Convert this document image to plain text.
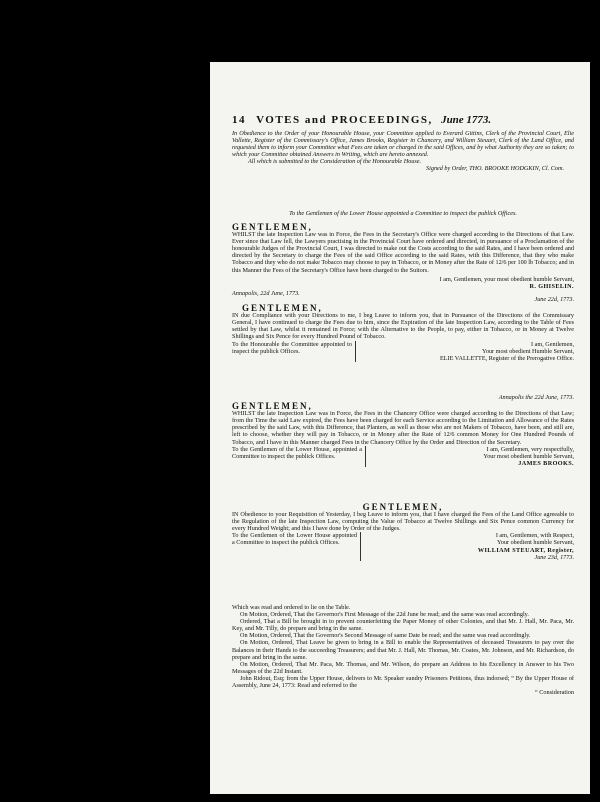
14 VOTES and PROCEEDINGS, June 1773.

In Obedience to the Order of your Honourable House, your Committee applied to Everard Gittins, Clerk of the Provincial Court, Elie Vallette, Register of the Commissary's Office, James Brooks, Register in Chancery, and William Steuart, Clerk of the Land Office, and requested them to inform your Committee what Fees are taken or charged in the said Offices, and by what Authority they are so taken; to which your Committee obtained Answers in Writing, which are hereto annexed.

All which is submitted to the Consideration of the Honourable House.

Signed by Order, THO. BROOKE HODGKIN, Cl. Com.

To the Gentlemen of the Lower House appointed a Committee to inspect the publick Offices.
GENTLEMEN,

WHILST the late Inspection Law was in Force, the Fees in the Secretary's Office were charged according to the Directions of that Law. Ever since that Law fell, the Lawyers practising in the Provincial Court have ordered and directed, in pursuance of a Proclamation of the honourable Judges of the Provincial Court, I was directed to make out the Costs according to the said Rates, and I have been ordered and directed by the Secretary to charge the Fees of the said Office according to the said Rates, with this Difference, that they who make Tobacco and they who do not make Tobacco may choose to pay in Tobacco, or in Money after the Rate of 12/6 per 100 lb Tobacco; and in this Manner the Fees of the Secretary's Office have been charged to the Suitors.

I am, Gentlemen, your most obedient humble Servant,
R. GHISELIN.

Annapolis, 22d June, 1773.

June 22d, 1773.

GENTLEMEN,

IN due Compliance with your Directions to me, I beg Leave to inform you, that in Pursuance of the Directions of the Commissary General, I have continued to charge the Fees due to him, since the Expiration of the late Inspection Law, according to the Table of Fees settled by that Law, whilst it remained in Force; with the Alternative to the People, to pay, either in Tobacco, or in Money at Twelve Shillings and Six Pence for every Hundred Pound of Tobacco.

To the Honourable the Committee appointed to inspect the publick Offices.
I am, Gentlemen,
Your most obedient Humble Servant,
ELIE VALLETTE, Register of the Prerogative Office.

Annapolis the 22d June, 1773.

GENTLEMEN,

WHILST the late Inspection Law was in Force, the Fees in the Chancery Office were charged according to the Directions of that Law; from the Time the said Law expired, the Fees have been charged for each Service according to the Limitation and Allowance of the Rates prescribed by the said Law, with this Difference, that Planters, as well as those who are not Makers of Tobacco, have been, and still are, left to choose, whether they will pay in Tobacco, or in Money after the Rate of 12/6 common Money for One Hundred Pounds of Tobacco, and I have in this Manner charged Fees in the Chancery Office by the Order and Direction of the Secretary.

To the Gentlemen of the Lower House, appointed a Committee to inspect the publick Offices.
I am, Gentlemen, very respectfully,
Your most obedient humble Servant,
JAMES BROOKS.
GENTLEMEN,

IN Obedience to your Requisition of Yesterday, I beg Leave to inform you, that I have charged the Fees of the Land Office agreeable to the Regulation of the late Inspection Law, computing the Value of Tobacco at Twelve Shillings and Six Pence common Currency for every Hundred Weight; and this I have done by Order of the Judges.

To the Gentlemen of the Lower House appointed a Committee to inspect the publick Offices.
I am, Gentlemen, with Respect,
Your obedient humble Servant,
WILLIAM STEUART, Register,
June 23d, 1773.

Which was read and ordered to lie on the Table.

On Motion, Ordered, That the Governor's First Message of the 22d June be read; and the same was read accordingly.

Ordered, That a Bill be brought in to prevent counterfeiting the Paper Money of other Colonies, and that Mr. J. Hall, Mr. Paca, Mr. Key, and Mr. Tilly, do prepare and bring in the same.

On Motion, Ordered, That the Governor's Second Message of same Date be read; and the same was read accordingly.

On Motion, Ordered, That Leave be given to bring in a Bill to enable the Representatives of deceased Treasurers to pay over the Balances in their Hands to the succeeding Treasurers; and that Mr. J. Hall, Mr. Thomas, Mr. Coates, Mr. Johnson, and Mr. Richardson, do prepare and bring in the same.

On Motion, Ordered, That Mr. Paca, Mr. Thomas, and Mr. Wilson, do prepare an Address to his Excellency in Answer to his Two Messages of the 22d Instant.

John Ridout, Esq; from the Upper House, delivers to Mr. Speaker sundry Prisoners Petitions, thus indorsed; “ By the Upper House of Assembly, June 24, 1773: Read and referred to the

“ Consideration
